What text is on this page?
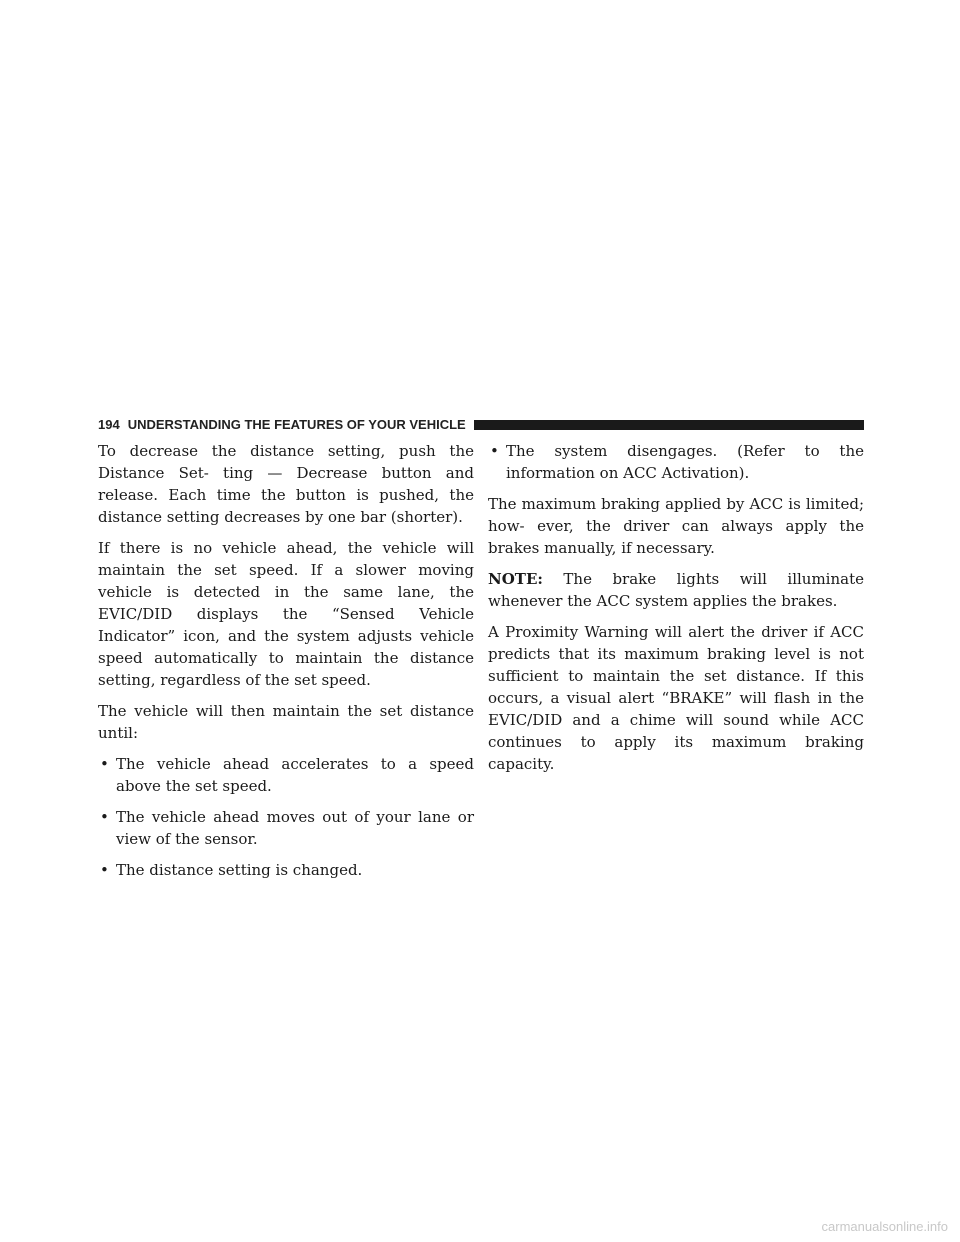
194 UNDERSTANDING THE FEATURES OF YOUR VEHICLE

To decrease the distance setting, push the Distance Set- ting — Decrease button and release. Each time the button is pushed, the distance setting decreases by one bar (shorter).

If there is no vehicle ahead, the vehicle will maintain the set speed. If a slower moving vehicle is detected in the same lane, the EVIC/DID displays the “Sensed Vehicle Indicator” icon, and the system adjusts vehicle speed automatically to maintain the distance setting, regardless of the set speed.

The vehicle will then maintain the set distance until:

• The vehicle ahead accelerates to a speed above the set speed.
• The vehicle ahead moves out of your lane or view of the sensor.
• The distance setting is changed.
• The system disengages. (Refer to the information on ACC Activation).

The maximum braking applied by ACC is limited; how- ever, the driver can always apply the brakes manually, if necessary.

NOTE: The brake lights will illuminate whenever the ACC system applies the brakes.

A Proximity Warning will alert the driver if ACC predicts that its maximum braking level is not sufficient to maintain the set distance. If this occurs, a visual alert “BRAKE” will flash in the EVIC/DID and a chime will sound while ACC continues to apply its maximum braking capacity.

carmanualsonline.info
